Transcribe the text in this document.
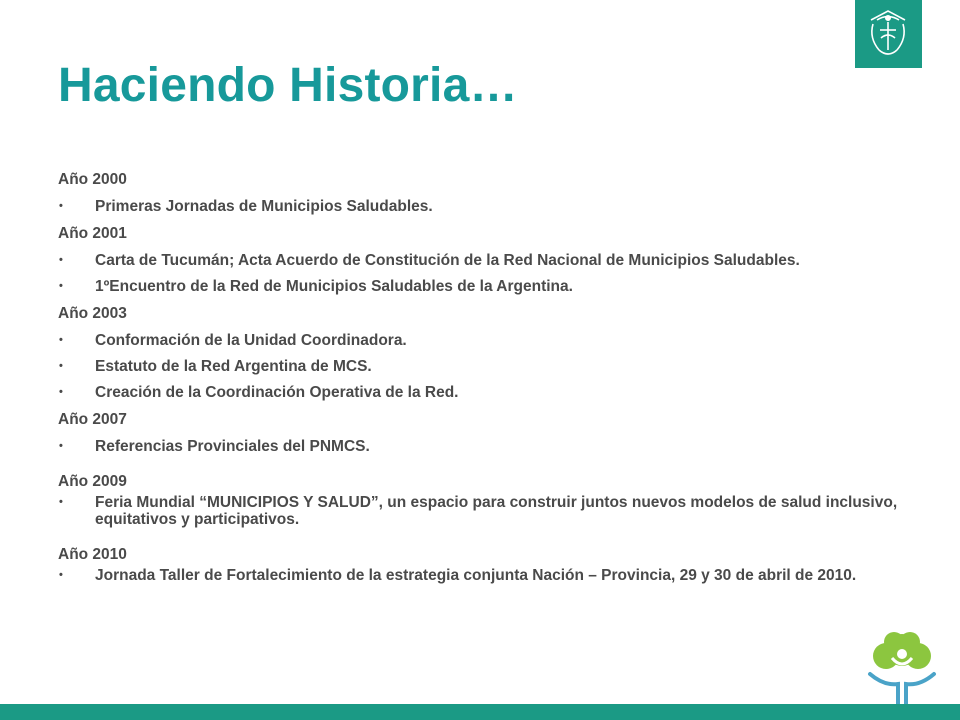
Haciendo Historia…
Año 2000
• Primeras Jornadas de Municipios Saludables.
Año 2001
• Carta de Tucumán; Acta Acuerdo de Constitución de la Red Nacional de Municipios Saludables.
• 1ºEncuentro de la Red de Municipios Saludables de la Argentina.
Año 2003
• Conformación de la Unidad Coordinadora.
• Estatuto de la Red Argentina de MCS.
• Creación de la Coordinación Operativa de la Red.
Año 2007
• Referencias Provinciales del PNMCS.
Año 2009
• Feria Mundial “MUNICIPIOS Y SALUD”, un espacio para construir juntos nuevos modelos de salud inclusivo, equitativos y participativos.
Año 2010
• Jornada Taller de Fortalecimiento de la estrategia conjunta Nación – Provincia, 29 y 30 de abril de 2010.
